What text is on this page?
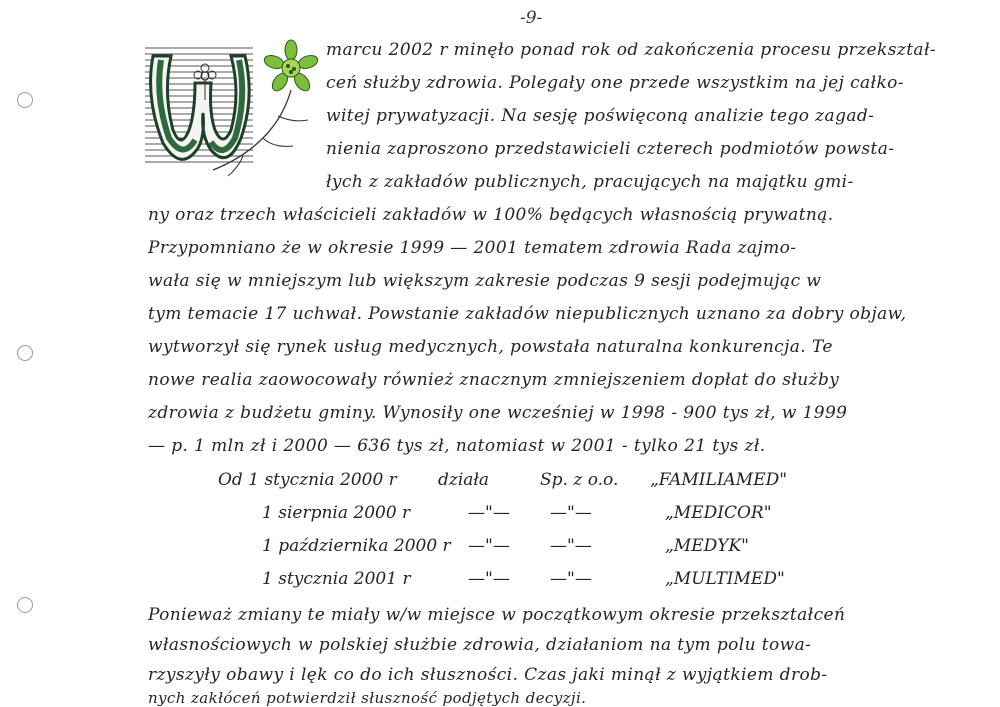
-9-
marcu 2002 r minęło ponad rok od zakończenia procesu przekształ-
ceń służby zdrowia. Polegały one przede wszystkim na jej całko-
witej prywatyzacji. Na sesję poświęconą analizie tego zagad-
nienia zaproszono przedstawicieli czterech podmiotów powsta-
łych z zakładów publicznych, pracujących na majątku gmi-
ny oraz trzech właścicieli zakładów w 100% będących własnością prywatną.
Przypomniano że w okresie 1999 — 2001 tematem zdrowia Rada zajmo-
wała się w mniejszym lub większym zakresie podczas 9 sesji podejmując w
tym temacie 17 uchwał. Powstanie zakładów niepublicznych uznano za dobry objaw,
wytworzył się rynek usług medycznych, powstała naturalna konkurencja. Te
nowe realia zaowocowały również znacznym zmniejszeniem dopłat do służby
zdrowia z budżetu gminy. Wynosiły one wcześniej w 1998 - 900 tys zł, w 1999
— p. 1 mln zł i 2000 — 636 tys zł, natomiast w 2001 - tylko 21 tys zł.
Od 1 stycznia 2000 r działa	Sp. z o.o. „FAMILIAMED"
1 sierpnia 2000 r	—"— —"—	„MEDICOR"
1 października 2000 r —"— —"—	„MEDYK"
1 stycznia 2001 r	—"— —"—	„MULTIMED"
Ponieważ zmiany te miały w/w miejsce w początkowym okresie przekształceń
własnościowych w polskiej służbie zdrowia, działaniom na tym polu towa-
rzyszyły obawy i lęk co do ich słuszności. Czas jaki minął z wyjątkiem drob-
nych zakłóceń potwierdził słuszność podjętych decyzji.
